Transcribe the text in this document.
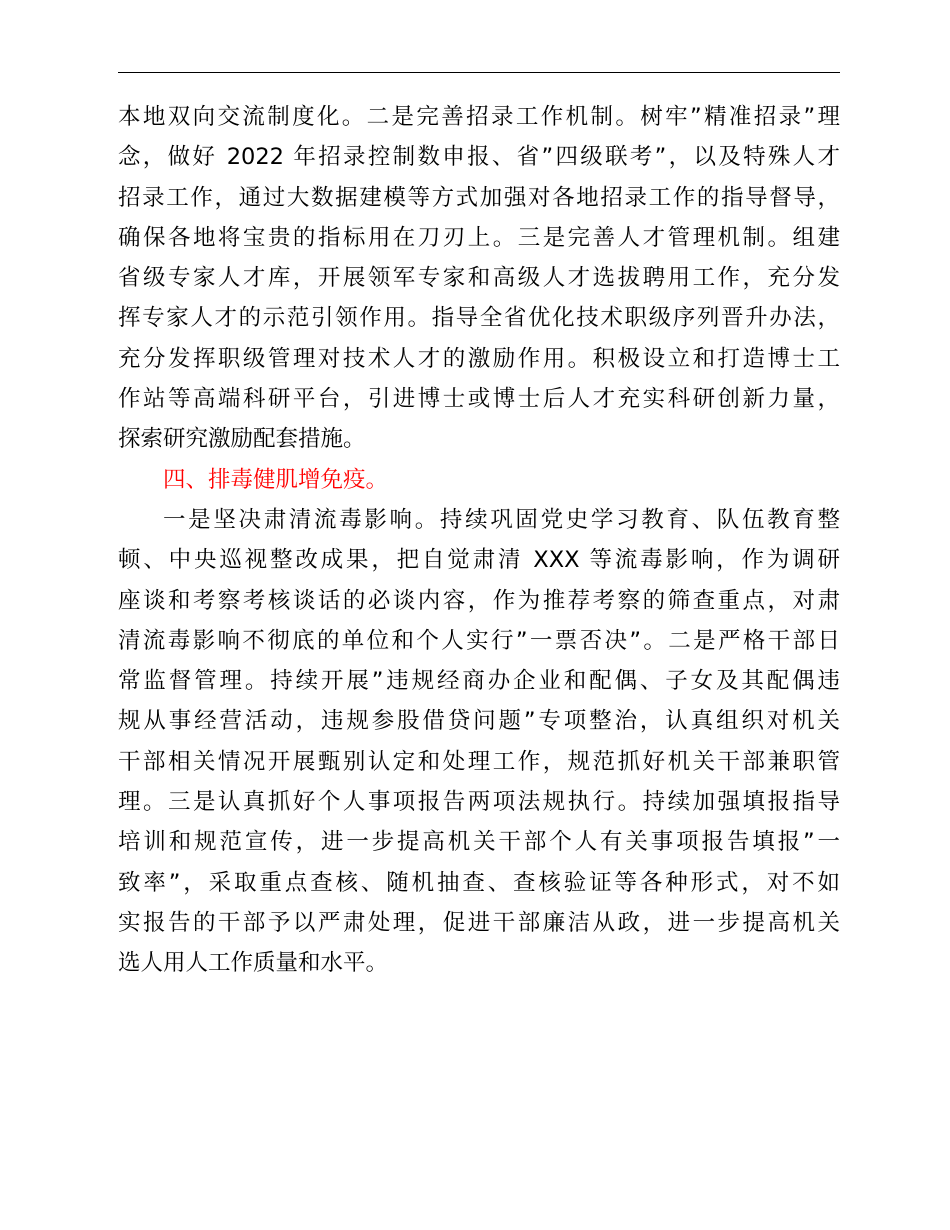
本地双向交流制度化。二是完善招录工作机制。树牢”精准招录”理
念，做好 2022 年招录控制数申报、省”四级联考”，以及特殊人才
招录工作，通过大数据建模等方式加强对各地招录工作的指导督导，
确保各地将宝贵的指标用在刀刃上。三是完善人才管理机制。组建
省级专家人才库，开展领军专家和高级人才选拔聘用工作，充分发
挥专家人才的示范引领作用。指导全省优化技术职级序列晋升办法，
充分发挥职级管理对技术人才的激励作用。积极设立和打造博士工
作站等高端科研平台，引进博士或博士后人才充实科研创新力量，
探索研究激励配套措施。
四、排毒健肌增免疫。
一是坚决肃清流毒影响。持续巩固党史学习教育、队伍教育整
顿、中央巡视整改成果，把自觉肃清 XXX 等流毒影响，作为调研
座谈和考察考核谈话的必谈内容，作为推荐考察的筛查重点，对肃
清流毒影响不彻底的单位和个人实行”一票否决”。二是严格干部日
常监督管理。持续开展”违规经商办企业和配偶、子女及其配偶违
规从事经营活动，违规参股借贷问题”专项整治，认真组织对机关
干部相关情况开展甄别认定和处理工作，规范抓好机关干部兼职管
理。三是认真抓好个人事项报告两项法规执行。持续加强填报指导
培训和规范宣传，进一步提高机关干部个人有关事项报告填报”一
致率”，采取重点查核、随机抽查、查核验证等各种形式，对不如
实报告的干部予以严肃处理，促进干部廉洁从政，进一步提高机关
选人用人工作质量和水平。
